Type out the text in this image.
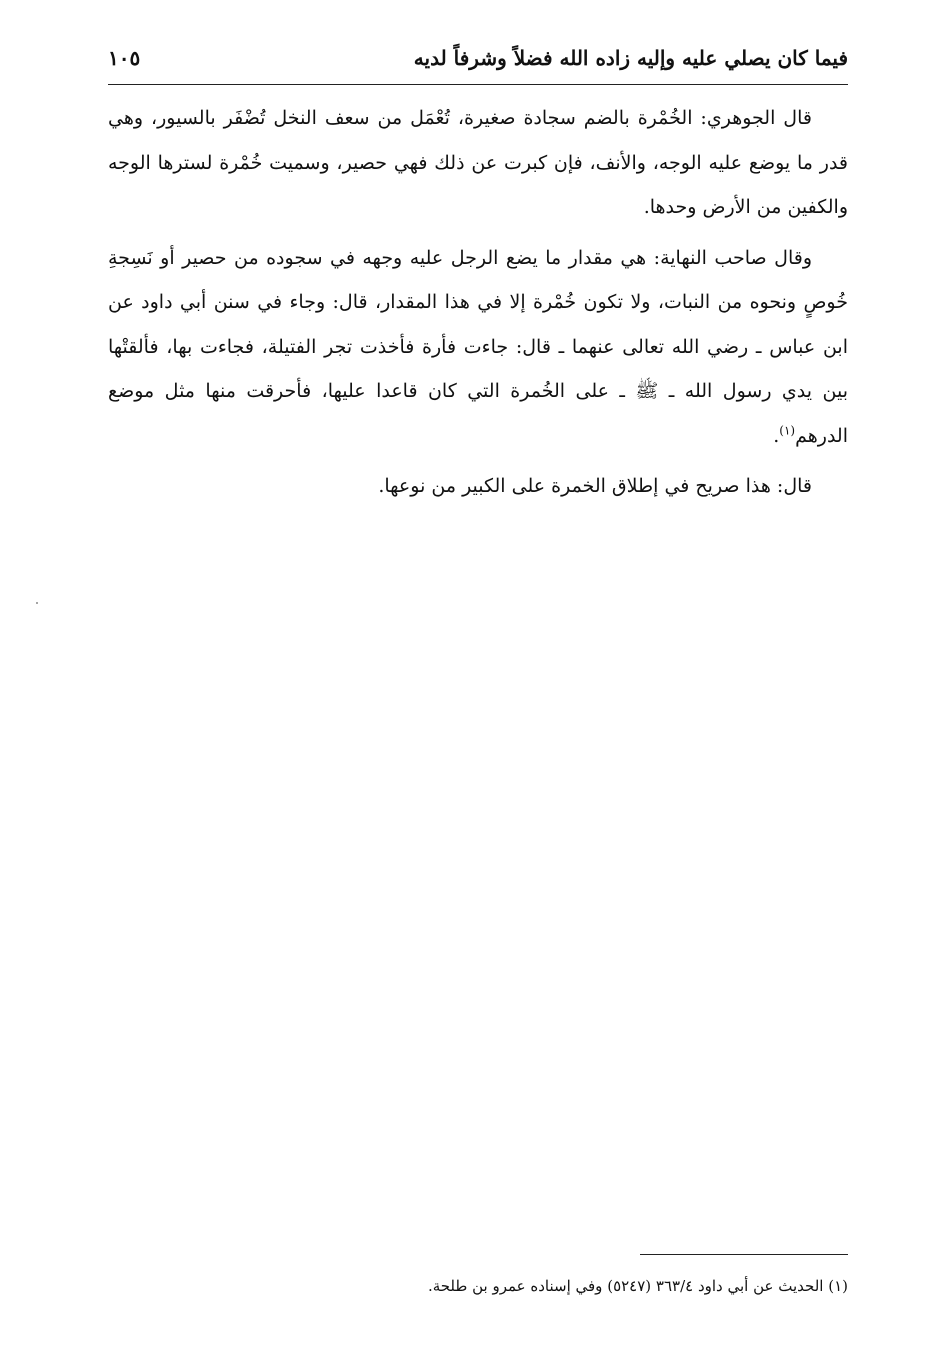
فيما كان يصلي عليه وإليه زاده الله فضلاً وشرفاً لديه
١٠٥

قال الجوهري: الخُمْرة بالضم سجادة صغيرة، تُعْمَل من سعف النخل تُضْفَر بالسيور، وهي قدر ما يوضع عليه الوجه، والأنف، فإن كبرت عن ذلك فهي حصير، وسميت خُمْرة لسترها الوجه والكفين من الأرض وحدها.

وقال صاحب النهاية: هي مقدار ما يضع الرجل عليه وجهه في سجوده من حصير أو نَسِجةِ خُوصٍ ونحوه من النبات، ولا تكون خُمْرة إلا في هذا المقدار، قال: وجاء في سنن أبي داود عن ابن عباس ـ رضي الله تعالى عنهما ـ قال: جاءت فأرة فأخذت تجر الفتيلة، فجاءت بها، فألقتْها بين يدي رسول الله ـ ﷺ ـ على الخُمرة التي كان قاعدا عليها، فأحرقت منها مثل موضع الدرهم$^{(١)}$.

قال: هذا صريح في إطلاق الخمرة على الكبير من نوعها.

(١) الحديث عن أبي داود ٣٦٣/٤ (٥٢٤٧) وفي إسناده عمرو بن طلحة.
